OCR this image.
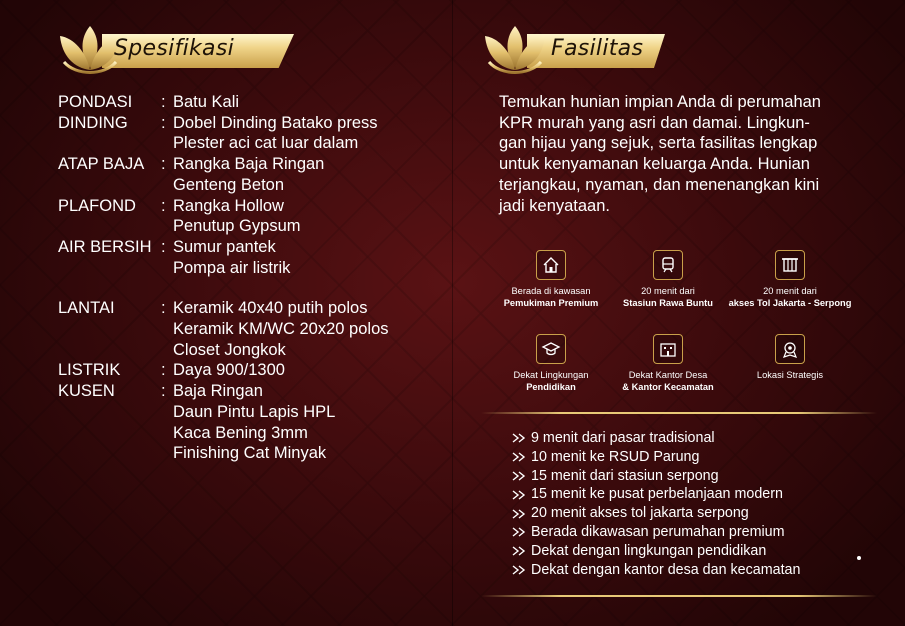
Spesifikasi
PONDASI	: Batu Kali
DINDING	: Dobel Dinding Batako press
Plester aci cat luar dalam
ATAP BAJA	: Rangka Baja Ringan
Genteng Beton
PLAFOND	: Rangka Hollow
Penutup Gypsum
AIR BERSIH : Sumur pantek
Pompa air listrik
LANTAI	: Keramik 40x40 putih polos
Keramik KM/WC 20x20 polos
Closet Jongkok
LISTRIK	: Daya 900/1300
KUSEN	: Baja Ringan
Daun Pintu Lapis HPL
Kaca Bening 3mm
Finishing Cat Minyak
Fasilitas
Temukan hunian impian Anda di perumahan
KPR murah yang asri dan damai. Lingkun-
gan hijau yang sejuk, serta fasilitas lengkap
untuk kenyamanan keluarga Anda. Hunian
terjangkau, nyaman, dan menenangkan kini
jadi kenyataan.
Berada di kawasan
Pemukiman Premium
20 menit dari
Stasiun Rawa Buntu
20 menit dari
akses Tol Jakarta - Serpong
Dekat Lingkungan
Pendidikan
Dekat Kantor Desa
& Kantor Kecamatan
Lokasi Strategis
9 menit dari pasar tradisional
10 menit ke RSUD Parung
15 menit dari stasiun serpong
15 menit ke pusat perbelanjaan modern
20 menit akses tol jakarta serpong
Berada dikawasan perumahan premium
Dekat dengan lingkungan pendidikan
Dekat dengan kantor desa dan kecamatan
